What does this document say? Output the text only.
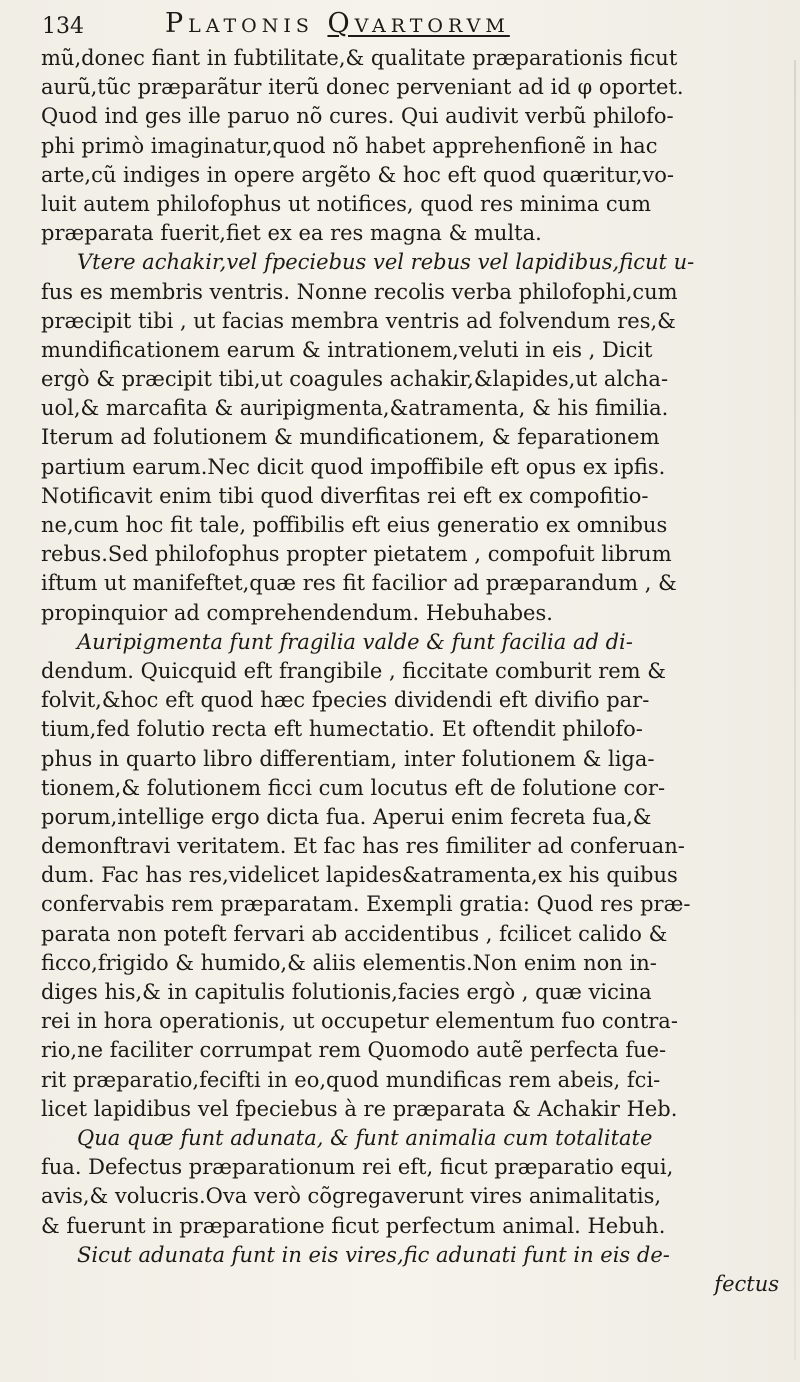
134	Platonis Qvartorvm
mũ,donec fiant in fubtilitate,& qualitate præparationis ficut
aurũ,tũc præparãtur iterũ donec perveniant ad id φ oportet.
Quod ind ges ille paruo nõ cures. Qui audivit verbũ philofo-
phi primò imaginatur,quod nõ habet apprehenfionẽ in hac
arte,cũ indiges in opere argẽto & hoc eft quod quæritur,vo-
luit autem philofophus ut notifices, quod res minima cum
præparata fuerit,fiet ex ea res magna & multa.
Vtere achakir,vel fpeciebus vel rebus vel lapidibus,ficut u-
fus es membris ventris. Nonne recolis verba philofophi,cum
præcipit tibi , ut facias membra ventris ad folvendum res,&
mundificationem earum & intrationem,veluti in eis , Dicit
ergò & præcipit tibi,ut coagules achakir,&lapides,ut alcha-
uol,& marcafita & auripigmenta,&atramenta, & his fimilia.
Iterum ad folutionem & mundificationem, & feparationem
partium earum.Nec dicit quod impoffibile eft opus ex ipfis.
Notificavit enim tibi quod diverfitas rei eft ex compofitio-
ne,cum hoc fit tale, poffibilis eft eius generatio ex omnibus
rebus.Sed philofophus propter pietatem , compofuit librum
iftum ut manifeftet,quæ res fit facilior ad præparandum , &
propinquior ad comprehendendum. Hebuhabes.
Auripigmenta funt fragilia valde & funt facilia ad di-
dendum. Quicquid eft frangibile , ficcitate comburit rem &
folvit,&hoc eft quod hæc fpecies dividendi eft divifio par-
tium,fed folutio recta eft humectatio. Et oftendit philofo-
phus in quarto libro differentiam, inter folutionem & liga-
tionem,& folutionem ficci cum locutus eft de folutione cor-
porum,intellige ergo dicta fua. Aperui enim fecreta fua,&
demonftravi veritatem. Et fac has res fimiliter ad conferuan-
dum. Fac has res,videlicet lapides&atramenta,ex his quibus
confervabis rem præparatam. Exempli gratia: Quod res præ-
parata non poteft fervari ab accidentibus , fcilicet calido &
ficco,frigido & humido,& aliis elementis.Non enim non in-
diges his,& in capitulis folutionis,facies ergò , quæ vicina
rei in hora operationis, ut occupetur elementum fuo contra-
rio,ne faciliter corrumpat rem Quomodo autẽ perfecta fue-
rit præparatio,fecifti in eo,quod mundificas rem abeis, fci-
licet lapidibus vel fpeciebus à re præparata & Achakir Heb.
Qua quæ funt adunata, & funt animalia cum totalitate
fua. Defectus præparationum rei eft, ficut præparatio equi,
avis,& volucris.Ova verò cõgregaverunt vires animalitatis,
& fuerunt in præparatione ficut perfectum animal. Hebuh.
Sicut adunata funt in eis vires,fic adunati funt in eis de-
fectus
